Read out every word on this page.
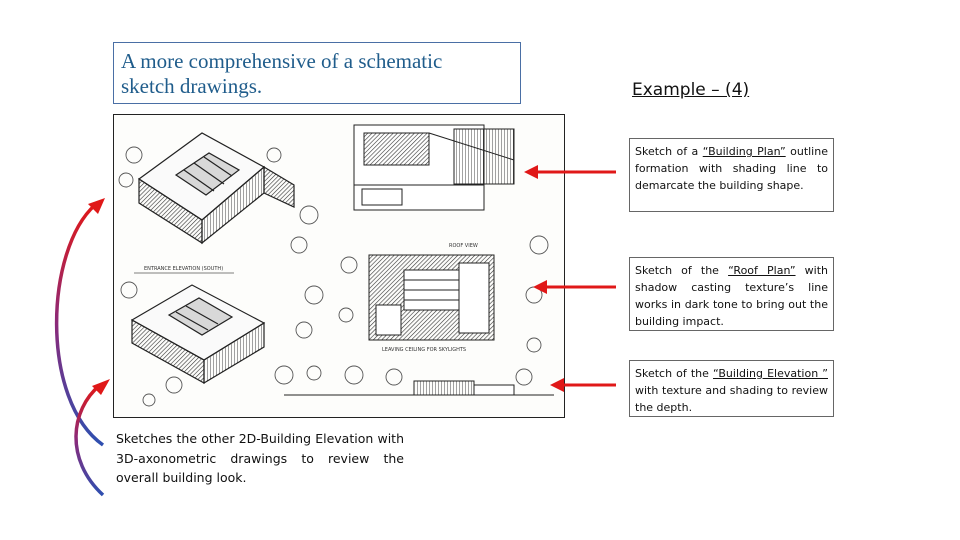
A more comprehensive of a schematic

sketch drawings.	Example – (4)

ENTRANCE ELEVATION (SOUTH)
ROOF VIEW
LEAVING CEILING FOR SKYLIGHTS
Sketch of a “Building Plan” outline formation with shading line to demarcate the building shape.
Sketch of the “Roof Plan” with shadow casting texture’s line works in dark tone to bring out the building impact.
Sketch of the “Building Elevation ” with texture and shading to review the depth.
Sketches the other 2D-Building Elevation with 3D-axonometric drawings to review the overall building look.
